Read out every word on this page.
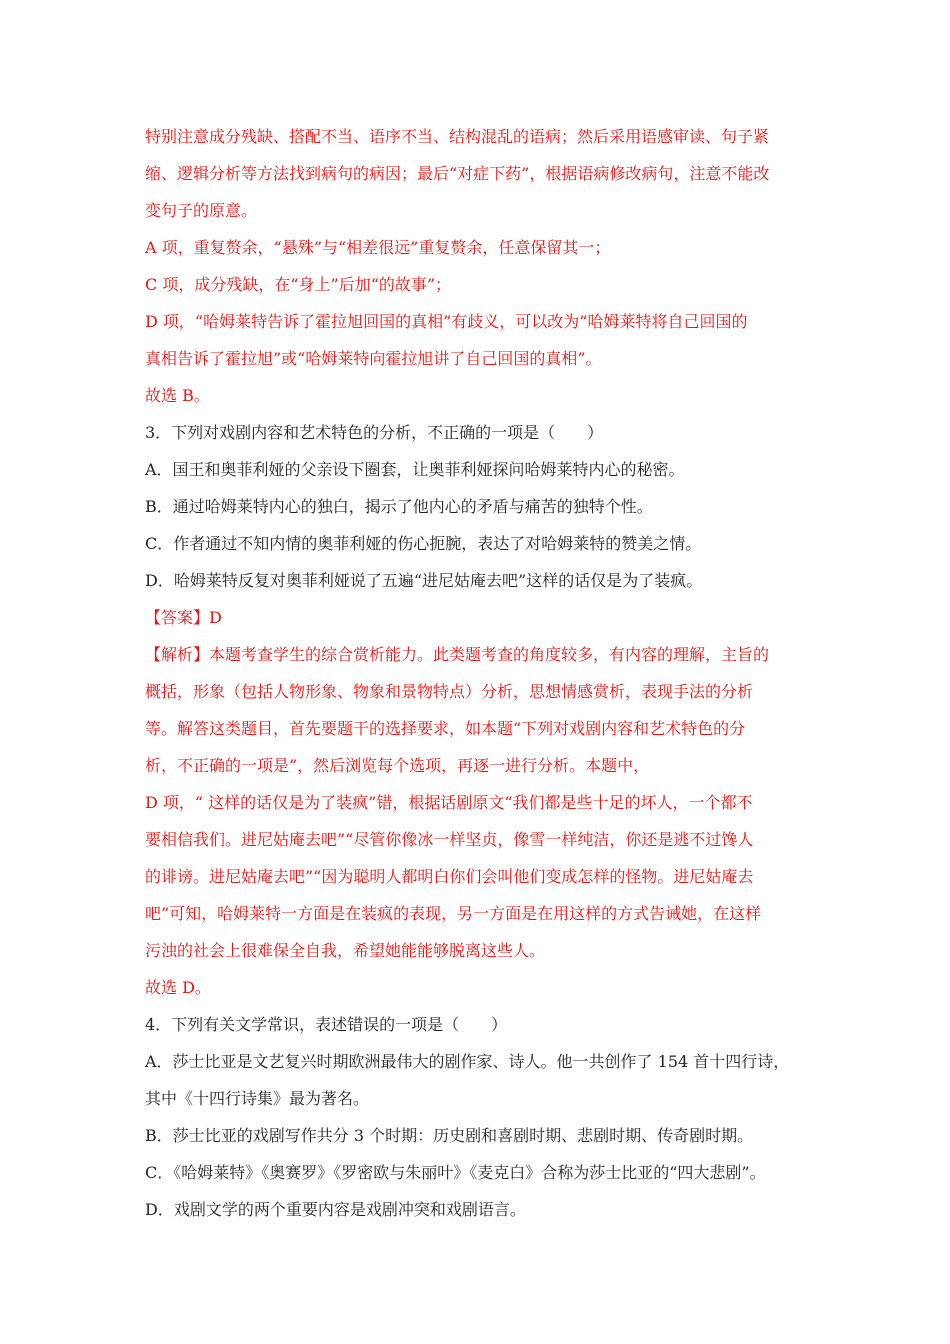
特别注意成分残缺、搭配不当、语序不当、结构混乱的语病；然后采用语感审读、句子紧
缩、逻辑分析等方法找到病句的病因；最后“对症下药”，根据语病修改病句，注意不能改
变句子的原意。
A 项，重复赘余，“悬殊”与“相差很远”重复赘余，任意保留其一；
C 项，成分残缺，在“身上”后加“的故事”；
D 项，“哈姆莱特告诉了霍拉旭回国的真相”有歧义，可以改为“哈姆莱特将自己回国的
真相告诉了霍拉旭”或“哈姆莱特向霍拉旭讲了自己回国的真相”。
故选 B。
3．下列对戏剧内容和艺术特色的分析，不正确的一项是（　　）
A．国王和奥菲利娅的父亲设下圈套，让奥菲利娅探问哈姆莱特内心的秘密。
B．通过哈姆莱特内心的独白，揭示了他内心的矛盾与痛苦的独特个性。
C．作者通过不知内情的奥菲利娅的伤心扼腕，表达了对哈姆莱特的赞美之情。
D．哈姆莱特反复对奥菲利娅说了五遍“进尼姑庵去吧”这样的话仅是为了装疯。
【答案】D
【解析】本题考查学生的综合赏析能力。此类题考查的角度较多，有内容的理解，主旨的
概括，形象（包括人物形象、物象和景物特点）分析，思想情感赏析，表现手法的分析
等。解答这类题目，首先要题干的选择要求，如本题“下列对戏剧内容和艺术特色的分
析，不正确的一项是”，然后浏览每个选项，再逐一进行分析。本题中，
D 项，“ 这样的话仅是为了装疯”错，根据话剧原文“我们都是些十足的坏人，一个都不
要相信我们。进尼姑庵去吧”“尽管你像冰一样坚贞，像雪一样纯洁，你还是逃不过馋人
的诽谤。进尼姑庵去吧”“因为聪明人都明白你们会叫他们变成怎样的怪物。进尼姑庵去
吧”可知，哈姆莱特一方面是在装疯的表现，另一方面是在用这样的方式告诫她，在这样
污浊的社会上很难保全自我，希望她能能够脱离这些人。
故选 D。
4．下列有关文学常识，表述错误的一项是（　　）
A．莎士比亚是文艺复兴时期欧洲最伟大的剧作家、诗人。他一共创作了 154 首十四行诗，
其中《十四行诗集》最为著名。
B．莎士比亚的戏剧写作共分 3 个时期：历史剧和喜剧时期、悲剧时期、传奇剧时期。
C．《哈姆莱特》《奥赛罗》《罗密欧与朱丽叶》《麦克白》合称为莎士比亚的“四大悲剧”。
D．戏剧文学的两个重要内容是戏剧冲突和戏剧语言。
